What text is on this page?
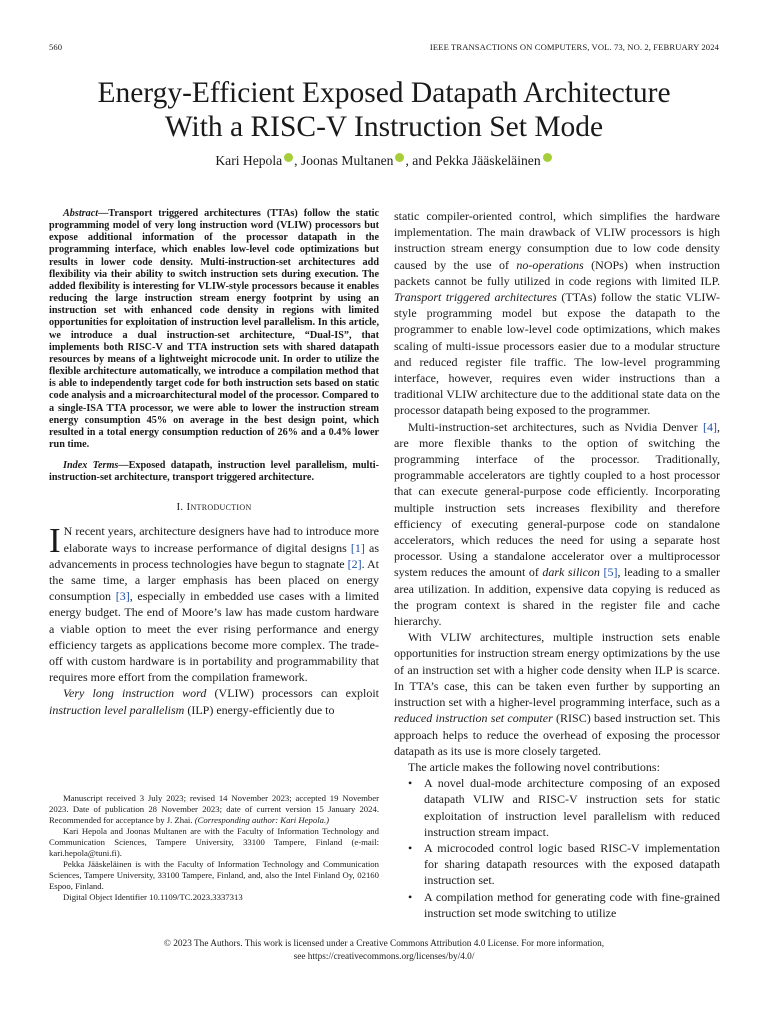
560	IEEE TRANSACTIONS ON COMPUTERS, VOL. 73, NO. 2, FEBRUARY 2024
Energy-Efficient Exposed Datapath Architecture
With a RISC-V Instruction Set Mode
Kari Hepola , Joonas Multanen , and Pekka Jääskeläinen

Abstract—Transport triggered architectures (TTAs) follow the static programming model of very long instruction word (VLIW) processors but expose additional information of the processor datapath in the programming interface, which enables low-level code optimizations but results in lower code density. Multi-instruction-set architectures add flexibility via their ability to switch instruction sets during execution. The added flexibility is interesting for VLIW-style processors because it enables reducing the large instruction stream energy footprint by using an instruction set with enhanced code density in regions with limited opportunities for exploitation of instruction level parallelism. In this article, we introduce a dual instruction-set architecture, “Dual-IS”, that implements both RISC-V and TTA instruction sets with shared datapath resources by means of a lightweight microcode unit. In order to utilize the flexible architecture automatically, we introduce a compilation method that is able to independently target code for both instruction sets based on static code analysis and a microarchitectural model of the processor. Compared to a single-ISA TTA processor, we were able to lower the instruction stream energy consumption 45% on average in the best design point, which resulted in a total energy consumption reduction of 26% and a 0.4% lower run time.

Index Terms—Exposed datapath, instruction level parallelism, multi-instruction-set architecture, transport triggered architecture.

I. Introduction

I N recent years, architecture designers have had to introduce more elaborate ways to increase performance of digital designs [1] as advancements in process technologies have begun to stagnate [2]. At the same time, a larger emphasis has been placed on energy consumption [3], especially in embedded use cases with a limited energy budget. The end of Moore’s law has made custom hardware a viable option to meet the ever rising performance and energy efficiency targets as applications become more complex. The trade-off with custom hardware is in portability and programmability that requires more effort from the compilation framework.

Very long instruction word (VLIW) processors can exploit instruction level parallelism (ILP) energy-efficiently due to

Manuscript received 3 July 2023; revised 14 November 2023; accepted 19 November 2023. Date of publication 28 November 2023; date of current version 15 January 2024. Recommended for acceptance by J. Zhai. (Corresponding author: Kari Hepola.)

Kari Hepola and Joonas Multanen are with the Faculty of Information Technology and Communication Sciences, Tampere University, 33100 Tampere, Finland (e-mail: kari.hepola@tuni.fi).

Pekka Jääskeläinen is with the Faculty of Information Technology and Communication Sciences, Tampere University, 33100 Tampere, Finland, and, also the Intel Finland Oy, 02160 Espoo, Finland.

Digital Object Identifier 10.1109/TC.2023.3337313

static compiler-oriented control, which simplifies the hardware implementation. The main drawback of VLIW processors is high instruction stream energy consumption due to low code density caused by the use of no-operations (NOPs) when instruction packets cannot be fully utilized in code regions with limited ILP. Transport triggered architectures (TTAs) follow the static VLIW-style programming model but expose the datapath to the programmer to enable low-level code optimizations, which makes scaling of multi-issue processors easier due to a modular structure and reduced register file traffic. The low-level programming interface, however, requires even wider instructions than a traditional VLIW architecture due to the additional state data on the processor datapath being exposed to the programmer.

Multi-instruction-set architectures, such as Nvidia Denver [4], are more flexible thanks to the option of switching the programming interface of the processor. Traditionally, programmable accelerators are tightly coupled to a host processor that can execute general-purpose code efficiently. Incorporating multiple instruction sets increases flexibility and therefore efficiency of executing general-purpose code on standalone accelerators, which reduces the need for using a separate host processor. Using a standalone accelerator over a multiprocessor system reduces the amount of dark silicon [5], leading to a smaller area utilization. In addition, expensive data copying is reduced as the program context is shared in the register file and cache hierarchy.

With VLIW architectures, multiple instruction sets enable opportunities for instruction stream energy optimizations by the use of an instruction set with a higher code density when ILP is scarce. In TTA’s case, this can be taken even further by supporting an instruction set with a higher-level programming interface, such as a reduced instruction set computer (RISC) based instruction set. This approach helps to reduce the overhead of exposing the processor datapath as its use is more closely targeted.

The article makes the following novel contributions:

• A novel dual-mode architecture composing of an exposed datapath VLIW and RISC-V instruction sets for static exploitation of instruction level parallelism with reduced instruction stream impact.
• A microcoded control logic based RISC-V implementation for sharing datapath resources with the exposed datapath instruction set.
• A compilation method for generating code with fine-grained instruction set mode switching to utilize
© 2023 The Authors. This work is licensed under a Creative Commons Attribution 4.0 License. For more information,
see https://creativecommons.org/licenses/by/4.0/
